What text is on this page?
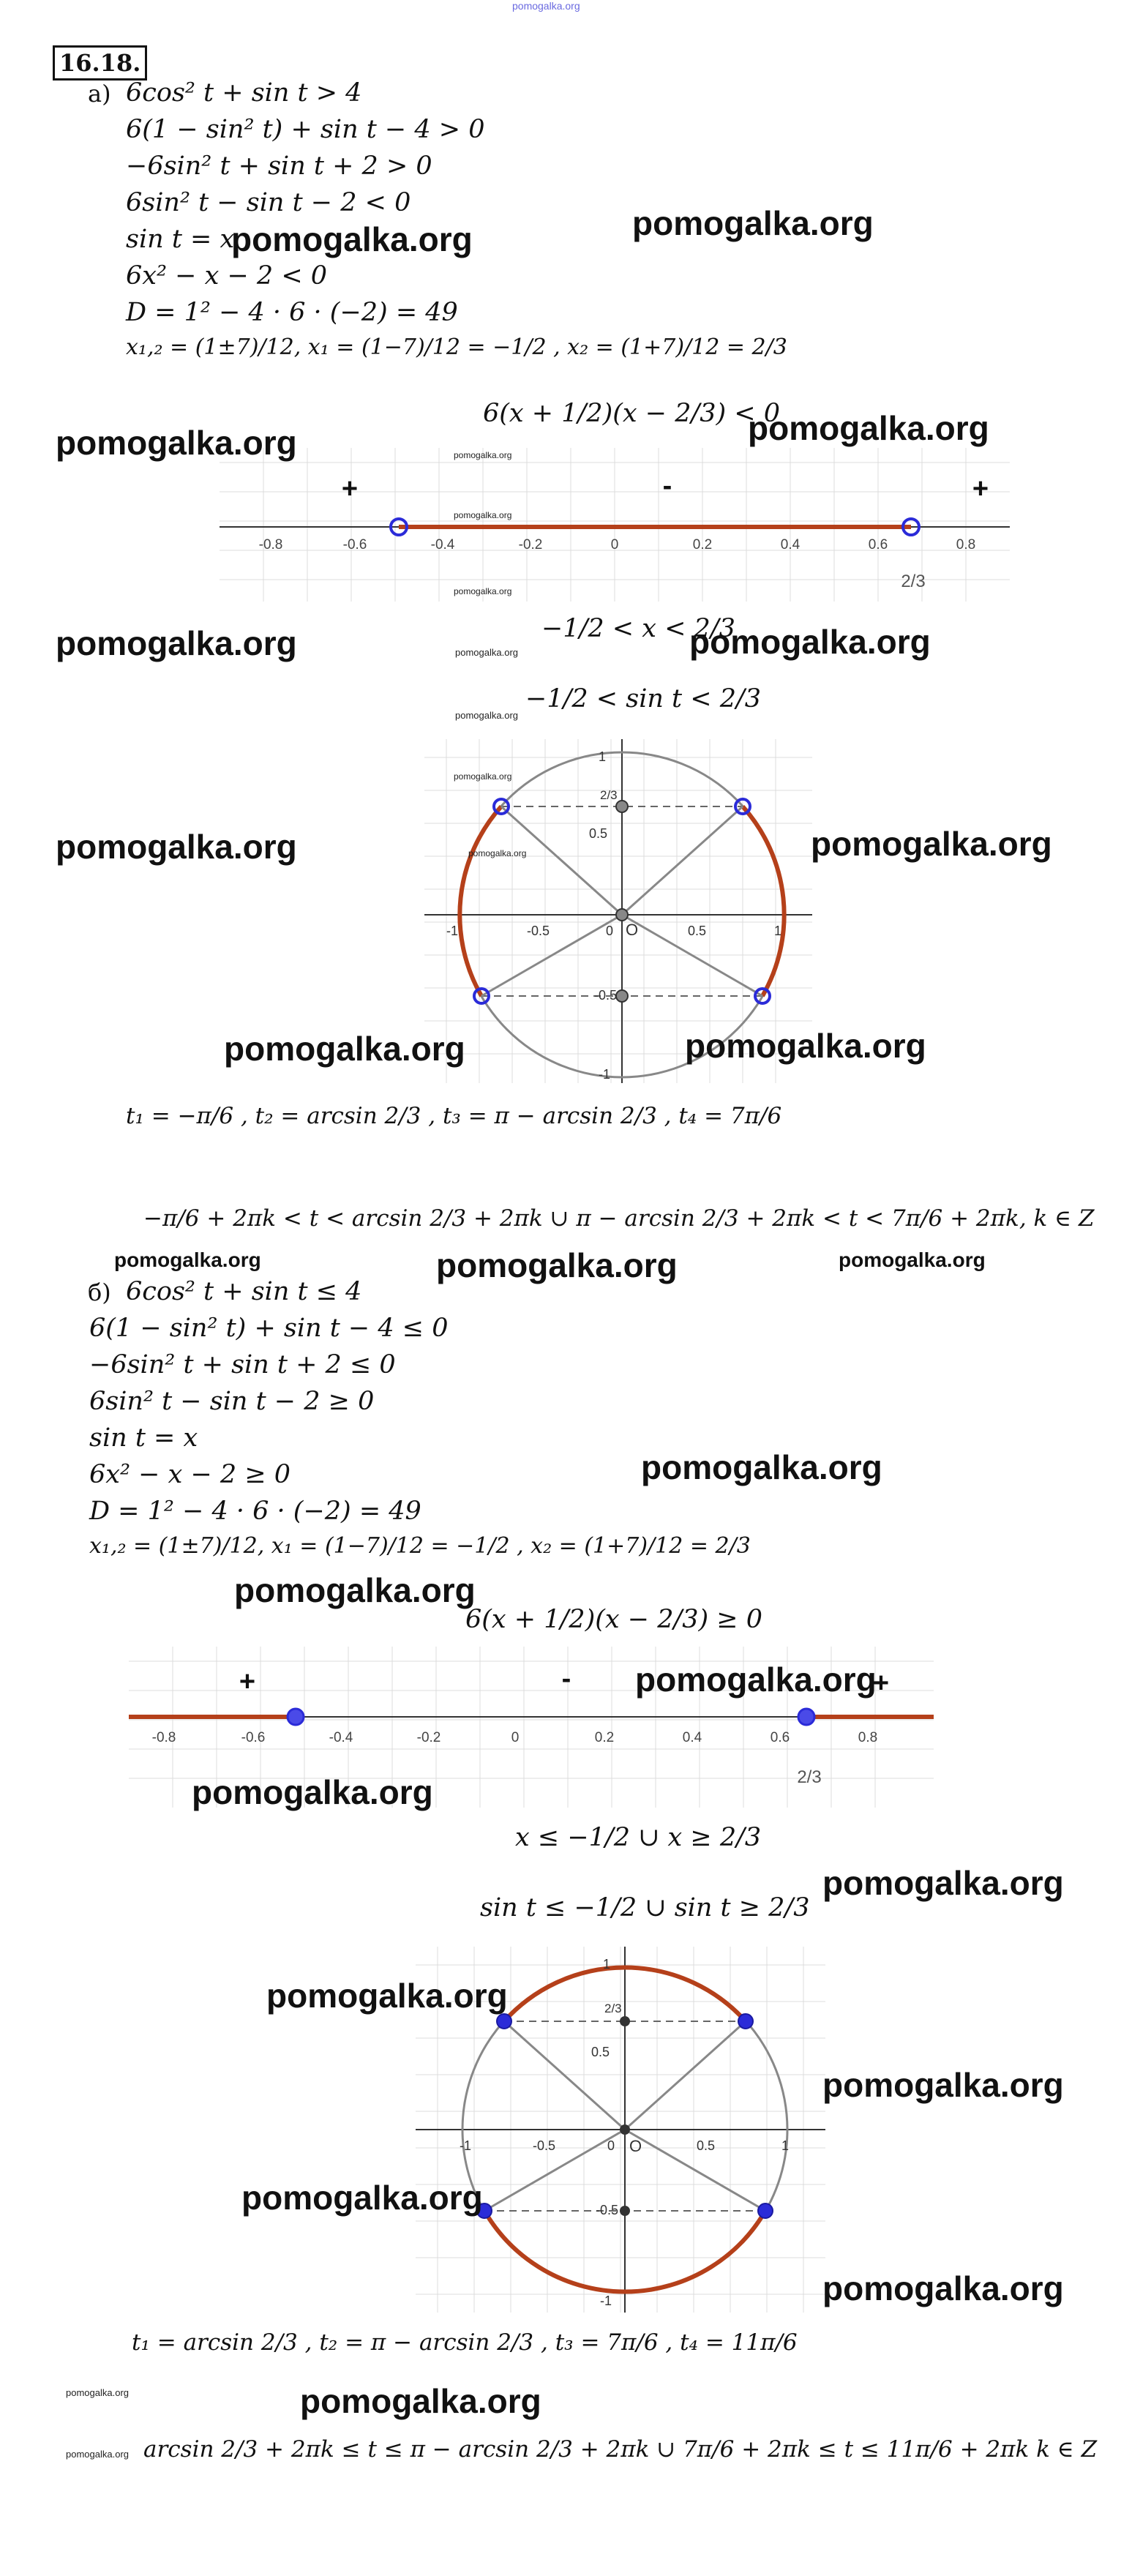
pomogalka.org
16.18.
а) 6cos² t + sin t > 4
6(1 − sin² t) + sin t − 4 > 0
−6sin² t + sin t + 2 > 0
6sin² t − sin t − 2 < 0
sin t = x
6x² − x − 2 < 0
D = 1² − 4 · 6 · (−2) = 49
x₁,₂ = (1±7)/12, x₁ = (1−7)/12 = −1/2 , x₂ = (1+7)/12 = 2/3
6(x + 1/2)(x − 2/3) < 0
-0.8	-0.6	-0.4	-0.2	0	0.2	0.4	0.6	0.8
+	-	+
2/3
pomogalka.org
pomogalka.org
pomogalka.org
−1/2 < x < 2/3
−1/2 < sin t < 2/3
pomogalka.org
pomogalka.org
1
0.5
-0.5
-1
-1	-0.5	0	0.5	1
O
2/3
pomogalka.org
pomogalka.org
t₁ = −π/6 , t₂ = arcsin 2/3 , t₃ = π − arcsin 2/3 , t₄ = 7π/6
−π/6 + 2πk < t < arcsin 2/3 + 2πk ∪ π − arcsin 2/3 + 2πk < t < 7π/6 + 2πk, k ∈ Z
б) 6cos² t + sin t ≤ 4
6(1 − sin² t) + sin t − 4 ≤ 0
−6sin² t + sin t + 2 ≤ 0
6sin² t − sin t − 2 ≥ 0
sin t = x
6x² − x − 2 ≥ 0
D = 1² − 4 · 6 · (−2) = 49
x₁,₂ = (1±7)/12, x₁ = (1−7)/12 = −1/2 , x₂ = (1+7)/12 = 2/3
6(x + 1/2)(x − 2/3) ≥ 0
-0.8	-0.6	-0.4	-0.2	0	0.2	0.4	0.6	0.8
+	-	+
2/3
x ≤ −1/2 ∪ x ≥ 2/3
sin t ≤ −1/2 ∪ sin t ≥ 2/3
1
0.5
-0.5
-1
-1	-0.5	0	0.5	1
O
2/3
t₁ = arcsin 2/3 , t₂ = π − arcsin 2/3 , t₃ = 7π/6 , t₄ = 11π/6
arcsin 2/3 + 2πk ≤ t ≤ π − arcsin 2/3 + 2πk ∪ 7π/6 + 2πk ≤ t ≤ 11π/6 + 2πk k ∈ Z
pomogalka.org
pomogalka.org
pomogalka.org
pomogalka.org
pomogalka.org	pomogalka.org
pomogalka.org	pomogalka.org
pomogalka.org	pomogalka.org
pomogalka.org	pomogalka.org
pomogalka.org	pomogalka.org	pomogalka.org
pomogalka.org
pomogalka.org
pomogalka.org
pomogalka.org
pomogalka.org
pomogalka.org
pomogalka.org
pomogalka.org
pomogalka.org
pomogalka.org
